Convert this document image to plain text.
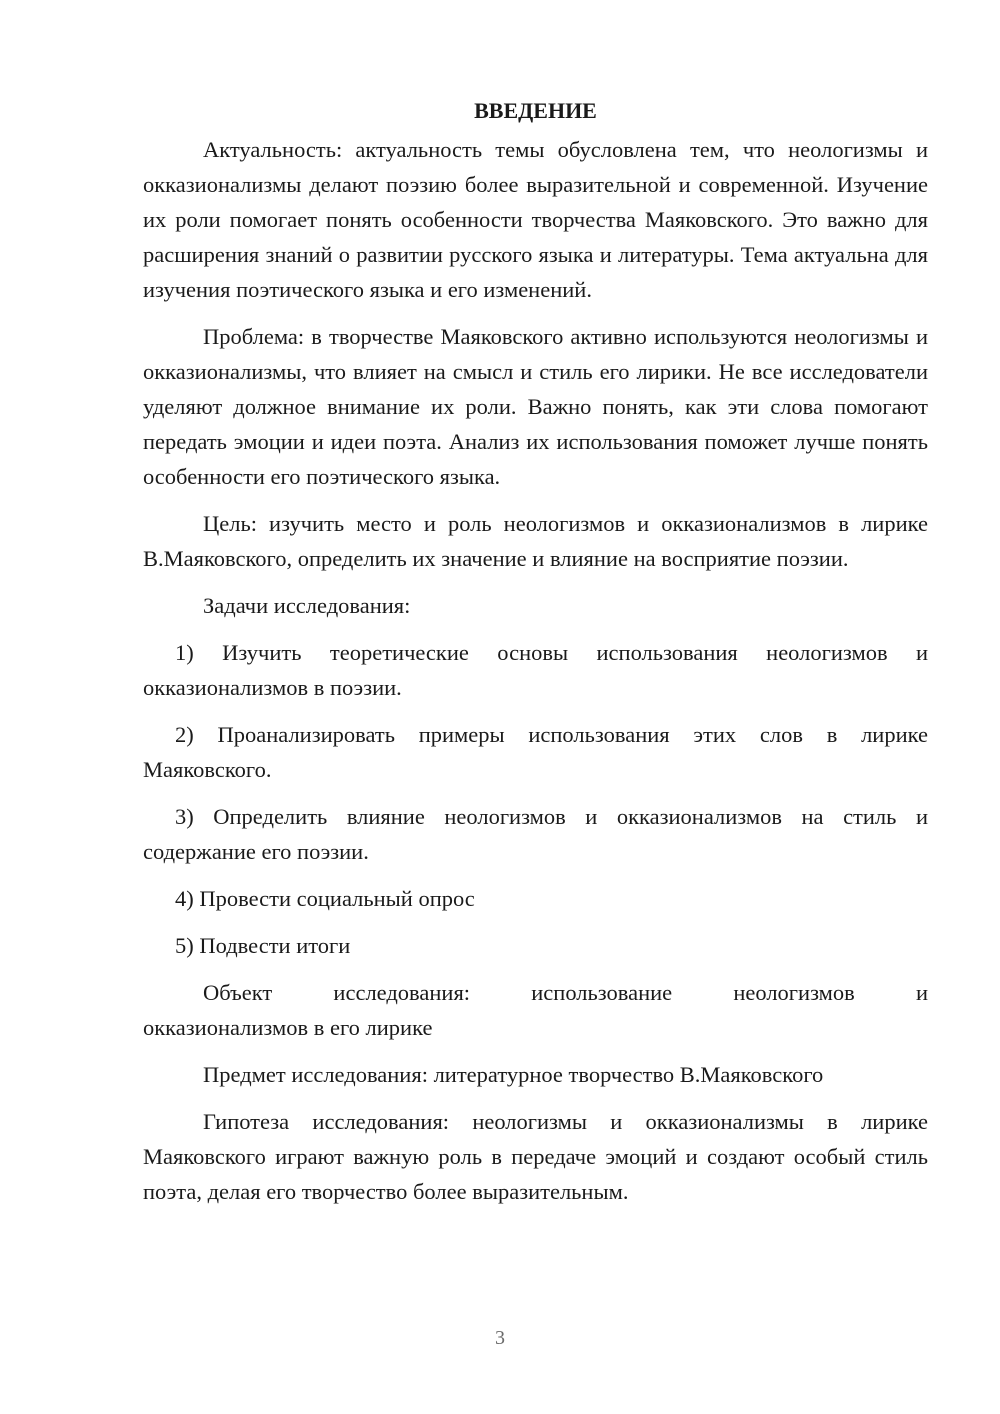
ВВЕДЕНИЕ

Актуальность: актуальность темы обусловлена тем, что неологизмы и окказионализмы делают поэзию более выразительной и современной. Изучение их роли помогает понять особенности творчества Маяковского. Это важно для расширения знаний о развитии русского языка и литературы. Тема актуальна для изучения поэтического языка и его изменений.

Проблема: в творчестве Маяковского активно используются неологизмы и окказионализмы, что влияет на смысл и стиль его лирики. Не все исследователи уделяют должное внимание их роли. Важно понять, как эти слова помогают передать эмоции и идеи поэта. Анализ их использования поможет лучше понять особенности его поэтического языка.

Цель: изучить место и роль неологизмов и окказионализмов в лирике В.Маяковского, определить их значение и влияние на восприятие поэзии.

Задачи исследования:

1) Изучить теоретические основы использования неологизмов и окказионализмов в поэзии.

2) Проанализировать примеры использования этих слов в лирике Маяковского.

3) Определить влияние неологизмов и окказионализмов на стиль и содержание его поэзии.

4) Провести социальный опрос

5) Подвести итоги

Объект исследования: использование неологизмов и
окказионализмов в его лирике

Предмет исследования: литературное творчество В.Маяковского

Гипотеза исследования: неологизмы и окказионализмы в лирике Маяковского играют важную роль в передаче эмоций и создают особый стиль поэта, делая его творчество более выразительным.

3
